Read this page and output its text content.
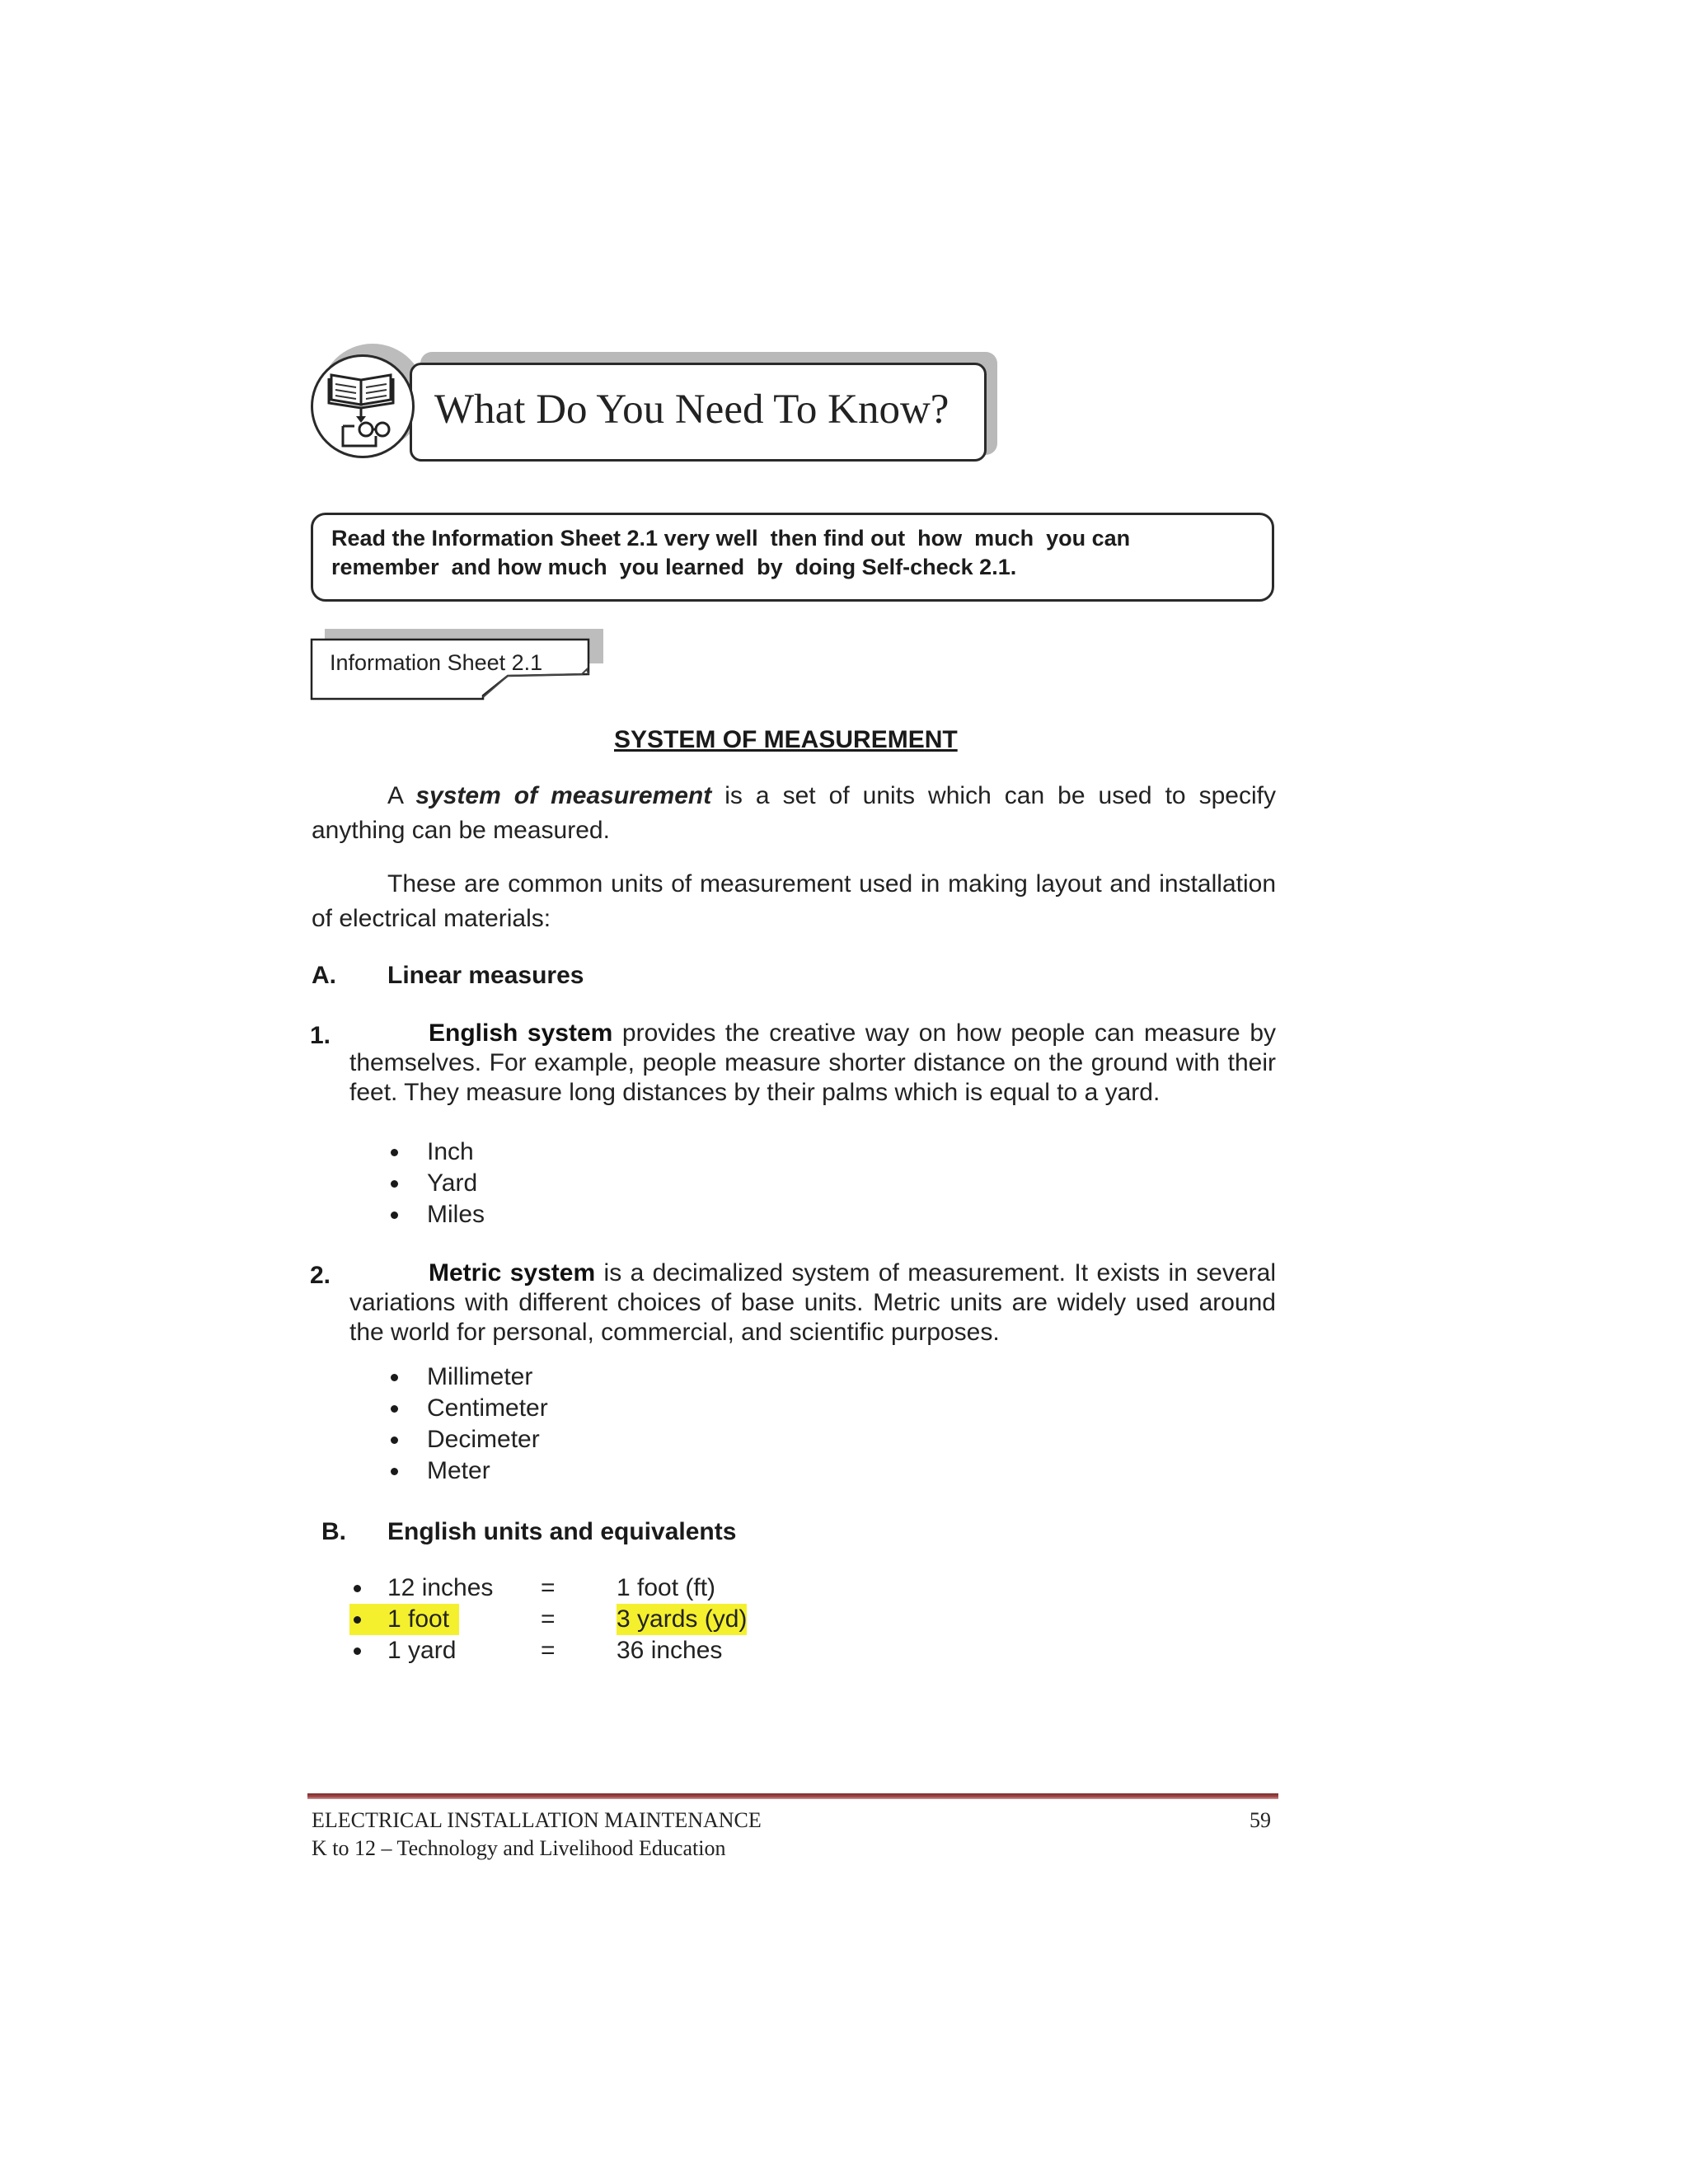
What Do You Need To Know?
Read the Information Sheet 2.1 very well  then find out  how  much  you can
remember  and how much  you learned  by  doing Self-check 2.1.
Information Sheet 2.1
SYSTEM OF MEASUREMENT

A system of measurement is a set of units which can be used to specify anything can be measured.

These are common units of measurement used in making layout and installation of electrical materials:

A. Linear measures
1.	English system provides the creative way on how people can measure by themselves. For example, people measure shorter distance on the ground with their feet. They measure long distances by their palms which is equal to a yard.

Inch
Yard
Miles
2.	Metric system is a decimalized system of measurement. It exists in several variations with different choices of base units. Metric units are widely used around the world for personal, commercial, and scientific purposes.

Millimeter
Centimeter
Decimeter
Meter
B. English units and equivalents
12 inches = 1 foot (ft)
1 foot	= 3 yards (yd)
1 yard	= 36 inches
ELECTRICAL INSTALLATION MAINTENANCE
K to 12 – Technology and Livelihood Education
59
